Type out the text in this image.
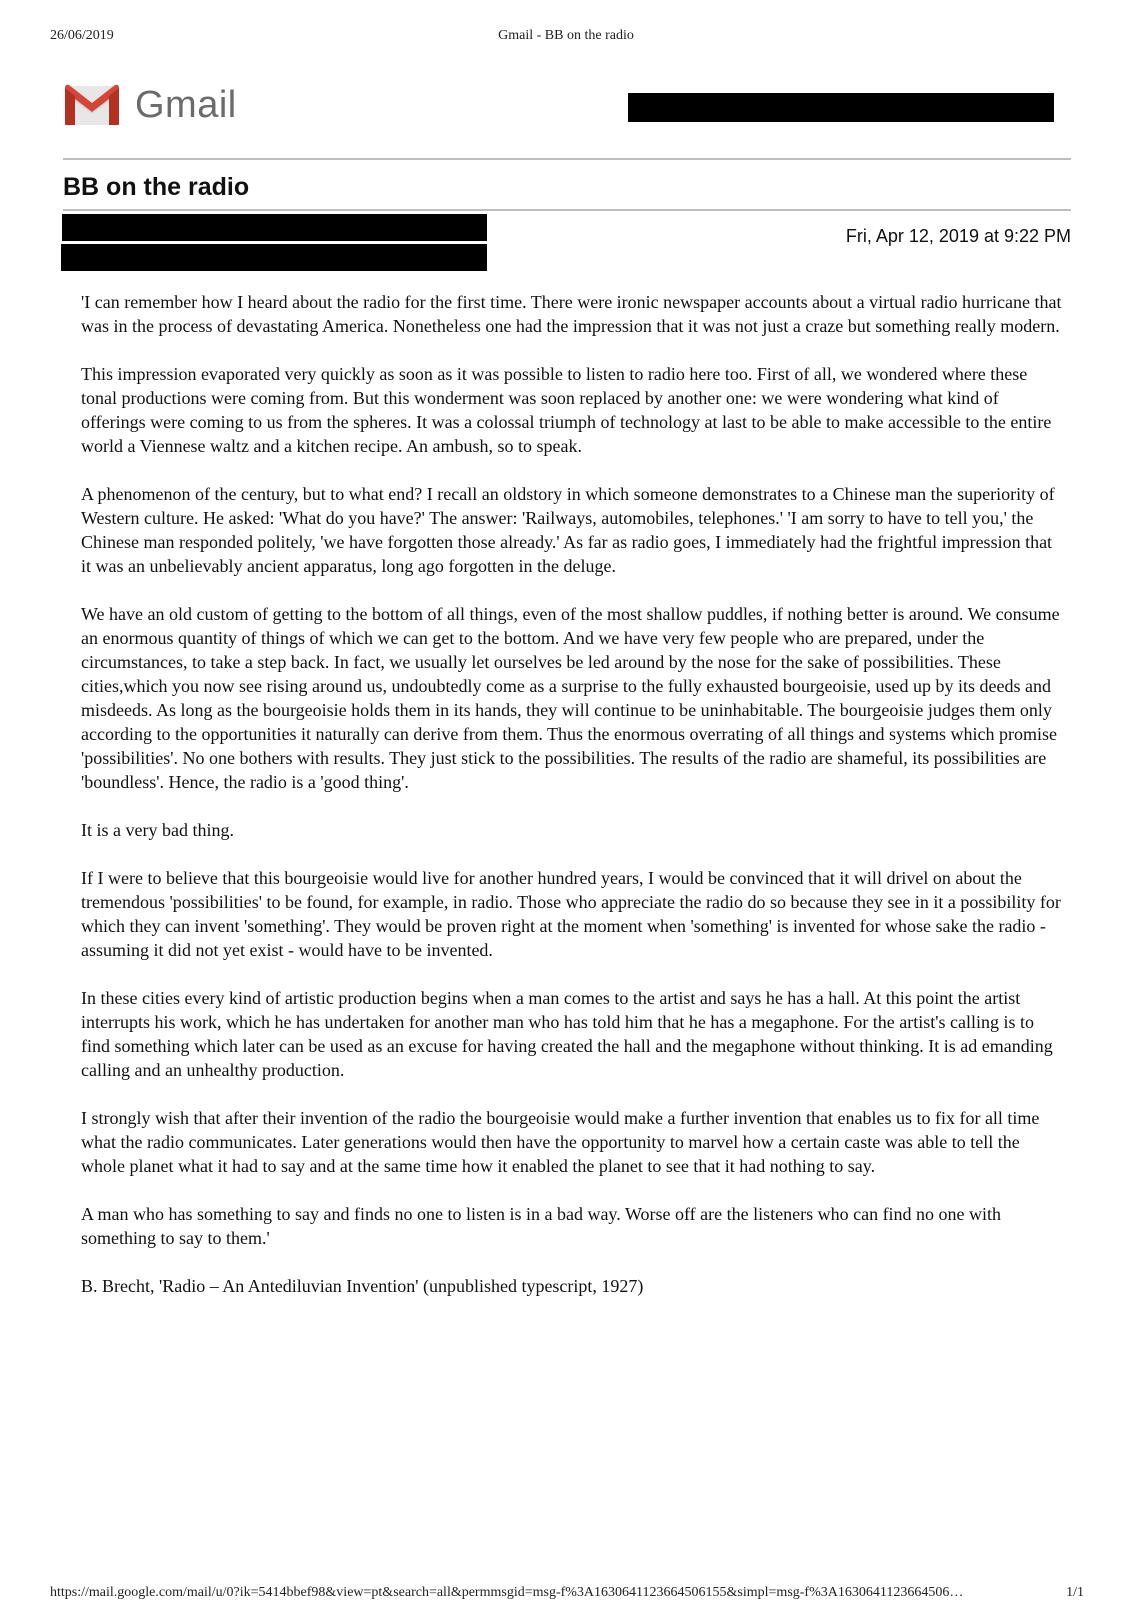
26/06/2019	Gmail - BB on the radio
Gmail
BB on the radio
Fri, Apr 12, 2019 at 9:22 PM

'I can remember how I heard about the radio for the first time. There were ironic newspaper accounts about a virtual radio hurricane that was in the process of devastating America. Nonetheless one had the impression that it was not just a craze but something really modern.

This impression evaporated very quickly as soon as it was possible to listen to radio here too. First of all, we wondered where these tonal productions were coming from. But this wonderment was soon replaced by another one: we were wondering what kind of offerings were coming to us from the spheres. It was a colossal triumph of technology at last to be able to make accessible to the entire world a Viennese waltz and a kitchen recipe. An ambush, so to speak.

A phenomenon of the century, but to what end? I recall an oldstory in which someone demonstrates to a Chinese man the superiority of Western culture. He asked: 'What do you have?' The answer: 'Railways, automobiles, telephones.' 'I am sorry to have to tell you,' the Chinese man responded politely, 'we have forgotten those already.' As far as radio goes, I immediately had the frightful impression that it was an unbelievably ancient apparatus, long ago forgotten in the deluge.

We have an old custom of getting to the bottom of all things, even of the most shallow puddles, if nothing better is around. We consume an enormous quantity of things of which we can get to the bottom. And we have very few people who are prepared, under the circumstances, to take a step back. In fact, we usually let ourselves be led around by the nose for the sake of possibilities. These cities,which you now see rising around us, undoubtedly come as a surprise to the fully exhausted bourgeoisie, used up by its deeds and misdeeds. As long as the bourgeoisie holds them in its hands, they will continue to be uninhabitable. The bourgeoisie judges them only according to the opportunities it naturally can derive from them. Thus the enormous overrating of all things and systems which promise 'possibilities'. No one bothers with results. They just stick to the possibilities. The results of the radio are shameful, its possibilities are 'boundless'. Hence, the radio is a 'good thing'.

It is a very bad thing.

If I were to believe that this bourgeoisie would live for another hundred years, I would be convinced that it will drivel on about the tremendous 'possibilities' to be found, for example, in radio. Those who appreciate the radio do so because they see in it a possibility for which they can invent 'something'. They would be proven right at the moment when 'something' is invented for whose sake the radio - assuming it did not yet exist - would have to be invented.

In these cities every kind of artistic production begins when a man comes to the artist and says he has a hall. At this point the artist interrupts his work, which he has undertaken for another man who has told him that he has a megaphone. For the artist's calling is to find something which later can be used as an excuse for having created the hall and the megaphone without thinking. It is ad emanding calling and an unhealthy production.

I strongly wish that after their invention of the radio the bourgeoisie would make a further invention that enables us to fix for all time what the radio communicates. Later generations would then have the opportunity to marvel how a certain caste was able to tell the whole planet what it had to say and at the same time how it enabled the planet to see that it had nothing to say.

A man who has something to say and finds no one to listen is in a bad way. Worse off are the listeners who can find no one with something to say to them.'

B. Brecht, 'Radio – An Antediluvian Invention' (unpublished typescript, 1927)

https://mail.google.com/mail/u/0?ik=5414bbef98&view=pt&search=all&permmsgid=msg-f%3A1630641123664506155&simpl=msg-f%3A1630641123664506…	1/1
